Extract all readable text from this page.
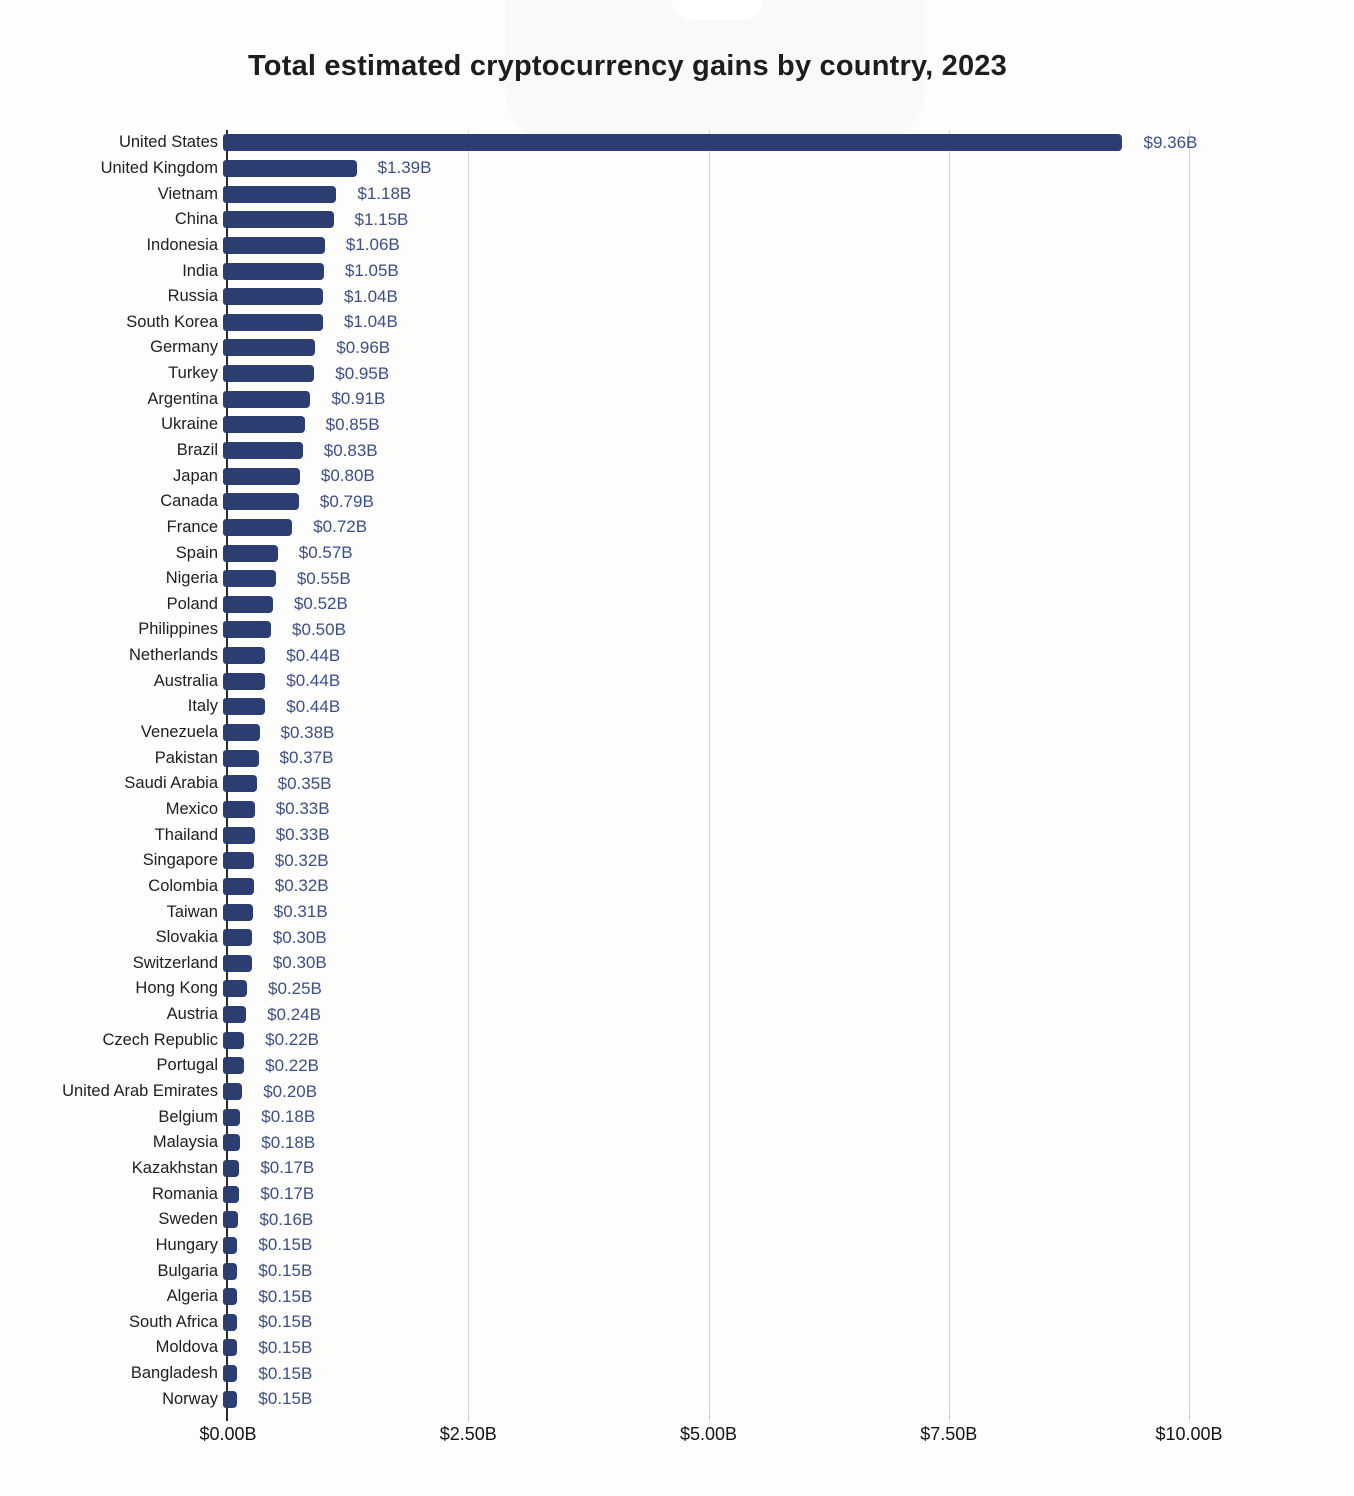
Total estimated cryptocurrency gains by country, 2023
United States	$9.36B
United Kingdom	$1.39B
Vietnam	$1.18B
China	$1.15B
Indonesia	$1.06B
India	$1.05B
Russia	$1.04B
South Korea	$1.04B
Germany	$0.96B
Turkey	$0.95B
Argentina	$0.91B
Ukraine	$0.85B
Brazil	$0.83B
Japan	$0.80B
Canada	$0.79B
France	$0.72B
Spain	$0.57B
Nigeria	$0.55B
Poland	$0.52B
Philippines	$0.50B
Netherlands	$0.44B
Australia	$0.44B
Italy	$0.44B
Venezuela	$0.38B
Pakistan	$0.37B
Saudi Arabia	$0.35B
Mexico	$0.33B
Thailand	$0.33B
Singapore	$0.32B
Colombia	$0.32B
Taiwan	$0.31B
Slovakia	$0.30B
Switzerland	$0.30B
Hong Kong	$0.25B
Austria	$0.24B
Czech Republic	$0.22B
Portugal	$0.22B
United Arab Emirates	$0.20B
Belgium	$0.18B
Malaysia	$0.18B
Kazakhstan $0.17B
Romania $0.17B
Sweden $0.16B
Hungary $0.15B
Bulgaria $0.15B
Algeria $0.15B
South Africa $0.15B
Moldova $0.15B
Bangladesh $0.15B
Norway $0.15B
$0.00B	$2.50B	$5.00B	$7.50B	$10.00B
